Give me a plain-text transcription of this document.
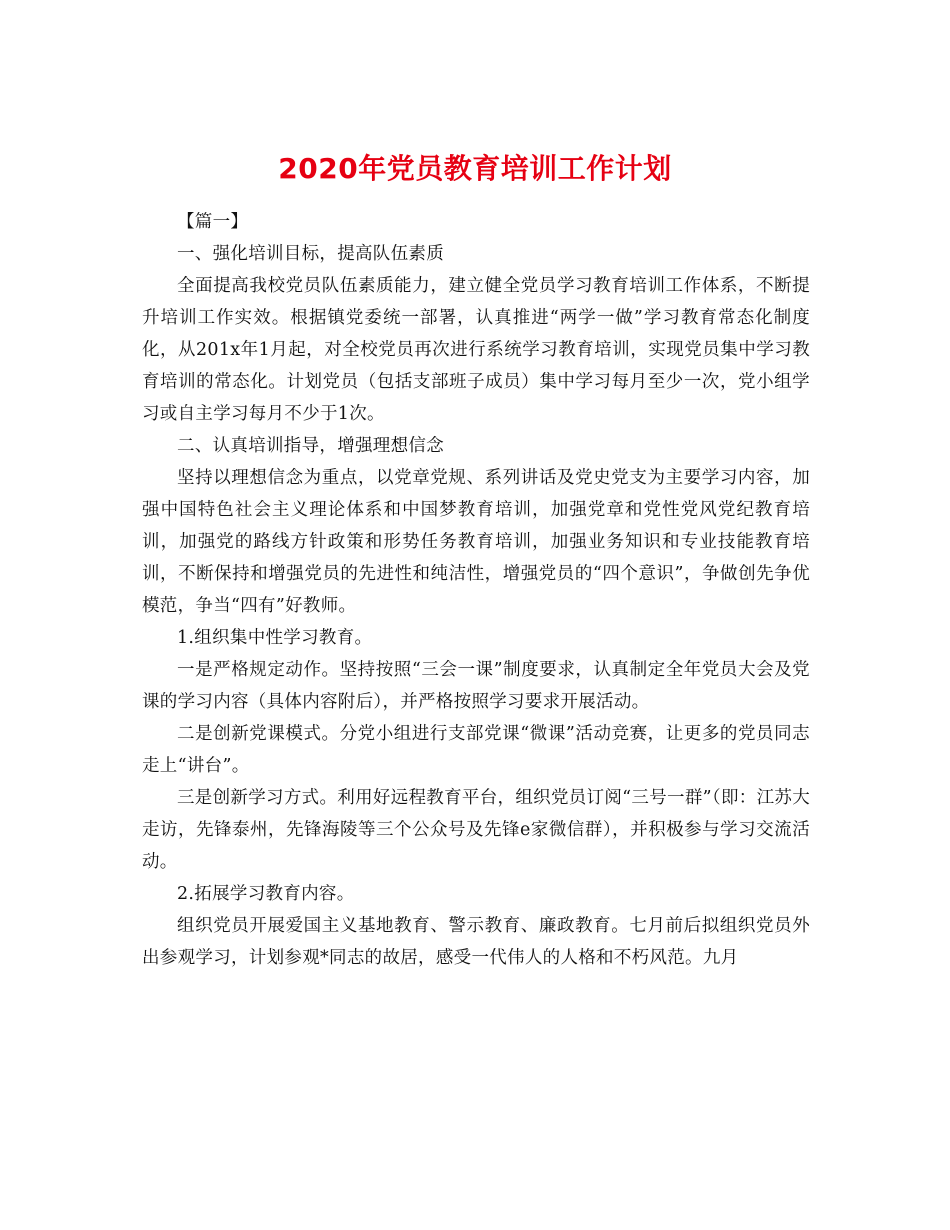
2020年党员教育培训工作计划

【篇一】

一、强化培训目标，提高队伍素质

全面提高我校党员队伍素质能力，建立健全党员学习教育培训工作体系，不断提升培训工作实效。根据镇党委统一部署，认真推进“两学一做”学习教育常态化制度化，从201x年1月起，对全校党员再次进行系统学习教育培训，实现党员集中学习教育培训的常态化。计划党员（包括支部班子成员）集中学习每月至少一次，党小组学习或自主学习每月不少于1次。

二、认真培训指导，增强理想信念

坚持以理想信念为重点，以党章党规、系列讲话及党史党支为主要学习内容，加强中国特色社会主义理论体系和中国梦教育培训，加强党章和党性党风党纪教育培训，加强党的路线方针政策和形势任务教育培训，加强业务知识和专业技能教育培训，不断保持和增强党员的先进性和纯洁性，增强党员的“四个意识”，争做创先争优模范，争当“四有”好教师。

1.组织集中性学习教育。

一是严格规定动作。坚持按照“三会一课”制度要求，认真制定全年党员大会及党课的学习内容（具体内容附后），并严格按照学习要求开展活动。

二是创新党课模式。分党小组进行支部党课“微课”活动竞赛，让更多的党员同志走上“讲台”。

三是创新学习方式。利用好远程教育平台，组织党员订阅“三号一群”（即：江苏大走访，先锋泰州，先锋海陵等三个公众号及先锋e家微信群），并积极参与学习交流活动。

2.拓展学习教育内容。

组织党员开展爱国主义基地教育、警示教育、廉政教育。七月前后拟组织党员外出参观学习，计划参观*同志的故居，感受一代伟人的人格和不朽风范。九月
